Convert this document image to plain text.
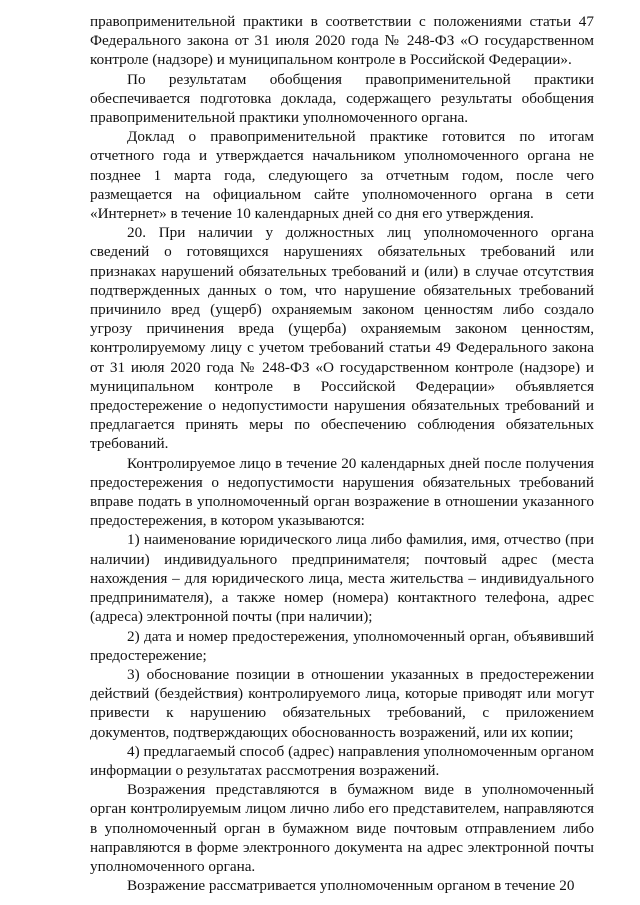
правоприменительной практики в соответствии с положениями статьи 47 Федерального закона от 31 июля 2020 года № 248-ФЗ «О государственном контроле (надзоре) и муниципальном контроле в Российской Федерации».

По результатам обобщения правоприменительной практики обеспечивается подготовка доклада, содержащего результаты обобщения правоприменительной практики уполномоченного органа.

Доклад о правоприменительной практике готовится по итогам отчетного года и утверждается начальником уполномоченного органа не позднее 1 марта года, следующего за отчетным годом, после чего размещается на официальном сайте уполномоченного органа в сети «Интернет» в течение 10 календарных дней со дня его утверждения.

20. При наличии у должностных лиц уполномоченного органа сведений о готовящихся нарушениях обязательных требований или признаках нарушений обязательных требований и (или) в случае отсутствия подтвержденных данных о том, что нарушение обязательных требований причинило вред (ущерб) охраняемым законом ценностям либо создало угрозу причинения вреда (ущерба) охраняемым законом ценностям, контролируемому лицу с учетом требований статьи 49 Федерального закона от 31 июля 2020 года № 248-ФЗ «О государственном контроле (надзоре) и муниципальном контроле в Российской Федерации» объявляется предостережение о недопустимости нарушения обязательных требований и предлагается принять меры по обеспечению соблюдения обязательных требований.

Контролируемое лицо в течение 20 календарных дней после получения предостережения о недопустимости нарушения обязательных требований вправе подать в уполномоченный орган возражение в отношении указанного предостережения, в котором указываются:

1) наименование юридического лица либо фамилия, имя, отчество (при наличии) индивидуального предпринимателя; почтовый адрес (места нахождения – для юридического лица, места жительства – индивидуального предпринимателя), а также номер (номера) контактного телефона, адрес (адреса) электронной почты (при наличии);

2) дата и номер предостережения, уполномоченный орган, объявивший предостережение;

3) обоснование позиции в отношении указанных в предостережении действий (бездействия) контролируемого лица, которые приводят или могут привести к нарушению обязательных требований, с приложением документов, подтверждающих обоснованность возражений, или их копии;

4) предлагаемый способ (адрес) направления уполномоченным органом информации о результатах рассмотрения возражений.

Возражения представляются в бумажном виде в уполномоченный орган контролируемым лицом лично либо его представителем, направляются в уполномоченный орган в бумажном виде почтовым отправлением либо направляются в форме электронного документа на адрес электронной почты уполномоченного органа.

Возражение рассматривается уполномоченным органом в течение 20
